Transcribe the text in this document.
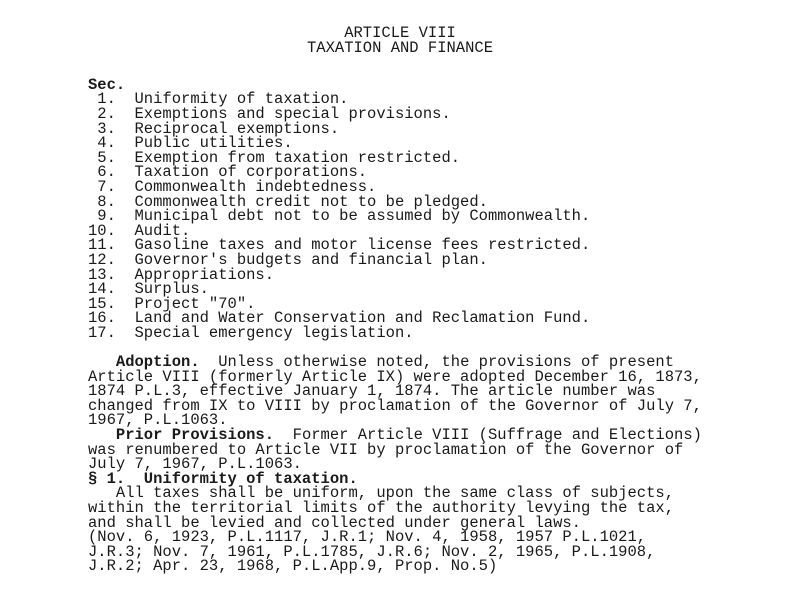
ARTICLE VIII
TAXATION AND FINANCE
Sec.
1.  Uniformity of taxation.
2.  Exemptions and special provisions.
3.  Reciprocal exemptions.
4.  Public utilities.
5.  Exemption from taxation restricted.
6.  Taxation of corporations.
7.  Commonwealth indebtedness.
8.  Commonwealth credit not to be pledged.
9.  Municipal debt not to be assumed by Commonwealth.
10.  Audit.
11.  Gasoline taxes and motor license fees restricted.
12.  Governor's budgets and financial plan.
13.  Appropriations.
14.  Surplus.
15.  Project "70".
16.  Land and Water Conservation and Reclamation Fund.
17.  Special emergency legislation.
Adoption.  Unless otherwise noted, the provisions of present
Article VIII (formerly Article IX) were adopted December 16, 1873,
1874 P.L.3, effective January 1, 1874. The article number was
changed from IX to VIII by proclamation of the Governor of July 7,
1967, P.L.1063.
Prior Provisions.  Former Article VIII (Suffrage and Elections)
was renumbered to Article VII by proclamation of the Governor of
July 7, 1967, P.L.1063.
§ 1.  Uniformity of taxation.
All taxes shall be uniform, upon the same class of subjects,
within the territorial limits of the authority levying the tax,
and shall be levied and collected under general laws.
(Nov. 6, 1923, P.L.1117, J.R.1; Nov. 4, 1958, 1957 P.L.1021,
J.R.3; Nov. 7, 1961, P.L.1785, J.R.6; Nov. 2, 1965, P.L.1908,
J.R.2; Apr. 23, 1968, P.L.App.9, Prop. No.5)
